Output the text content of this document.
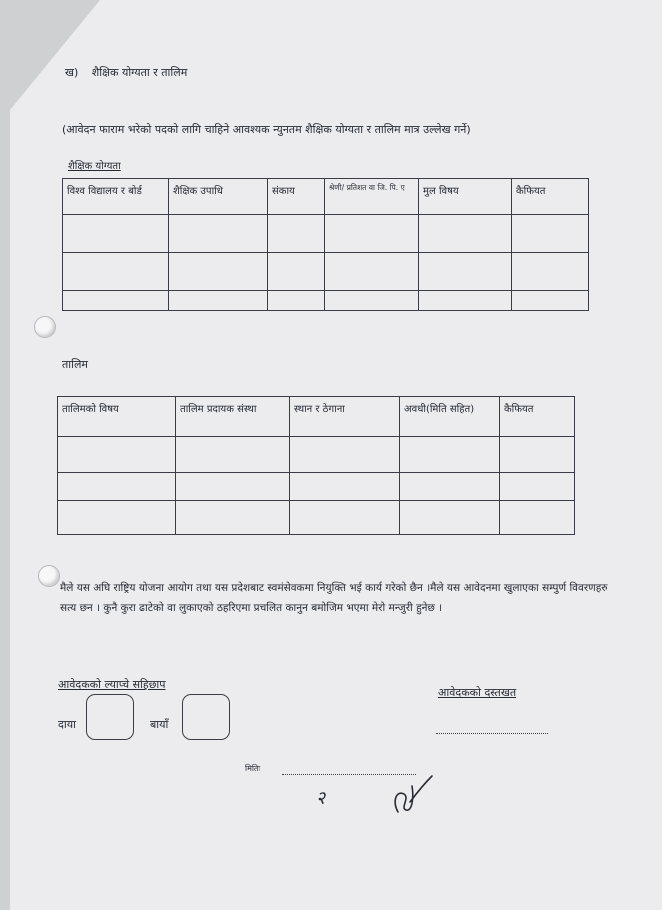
ख) शैक्षिक योग्यता र तालिम
(आवेदन फाराम भरेको पदको लागि चाहिने आवश्यक न्युनतम शैक्षिक योग्यता र तालिम मात्र उल्लेख गर्ने)
शैक्षिक योग्यता
विश्व विद्यालय र बोर्ड	शैक्षिक उपाधि	संकाय	श्रेणी/ प्रतिशत वा जि. पि. ए	मुल विषय	कैफियत

तालिम
तालिमको विषय	तालिम प्रदायक संस्था	स्थान र ठेगाना	अवधी(मिति सहित)	कैफियत

मैले यस अघि राष्ट्रिय योजना आयोग तथा यस प्रदेशबाट स्वमंसेवकमा नियुक्ति भई कार्य गरेको छैन ।मैले यस आवेदनमा खुलाएका सम्पुर्ण विवरणहरु सत्य छन । कुनै कुरा ढाटेको वा लुकाएको ठहरिएमा प्रचलित कानुन बमोजिम भएमा मेरो मन्जुरी हुनेछ ।
आवेदकको ल्याप्चे सहिछाप
आवेदकको दस्तखत
दाया	बायाँ
मितिः
२
